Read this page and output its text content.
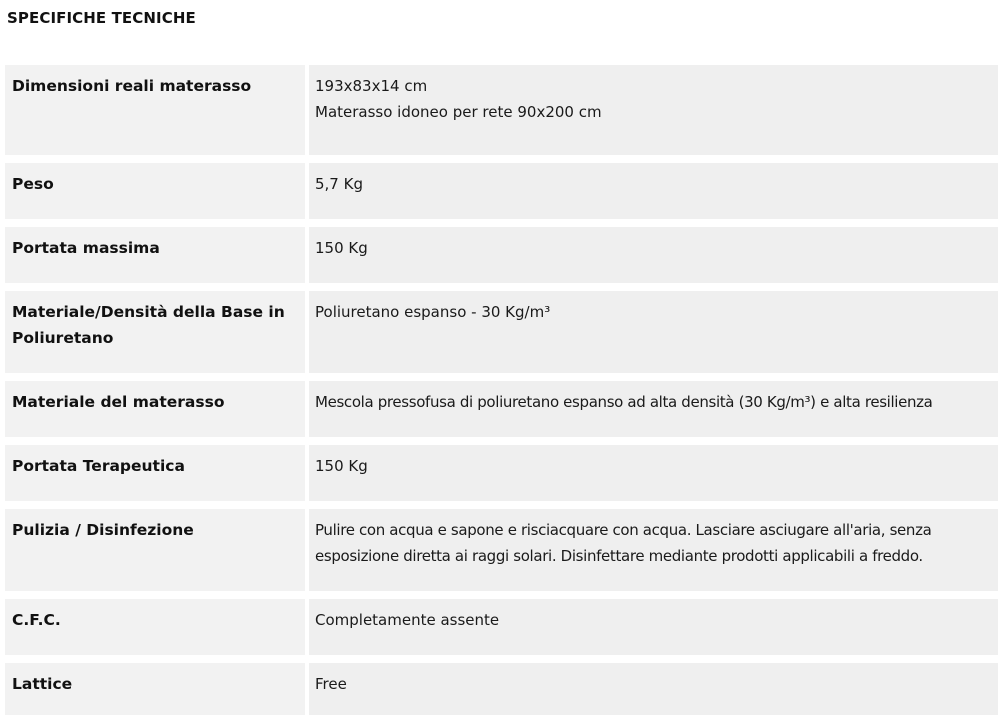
SPECIFICHE TECNICHE
Dimensioni reali materasso	193x83x14 cm
Materasso idoneo per rete 90x200 cm

Peso	5,7 Kg

Portata massima	150 Kg

Materiale/Densità della Base in Poliuretano	Poliuretano espanso - 30 Kg/m³

Materiale del materasso	Mescola pressofusa di poliuretano espanso ad alta densità (30 Kg/m³) e alta resilienza

Portata Terapeutica	150 Kg

Pulizia / Disinfezione	Pulire con acqua e sapone e risciacquare con acqua. Lasciare asciugare all'aria, senza
esposizione diretta ai raggi solari. Disinfettare mediante prodotti applicabili a freddo.

C.F.C.	Completamente assente

Lattice	Free
